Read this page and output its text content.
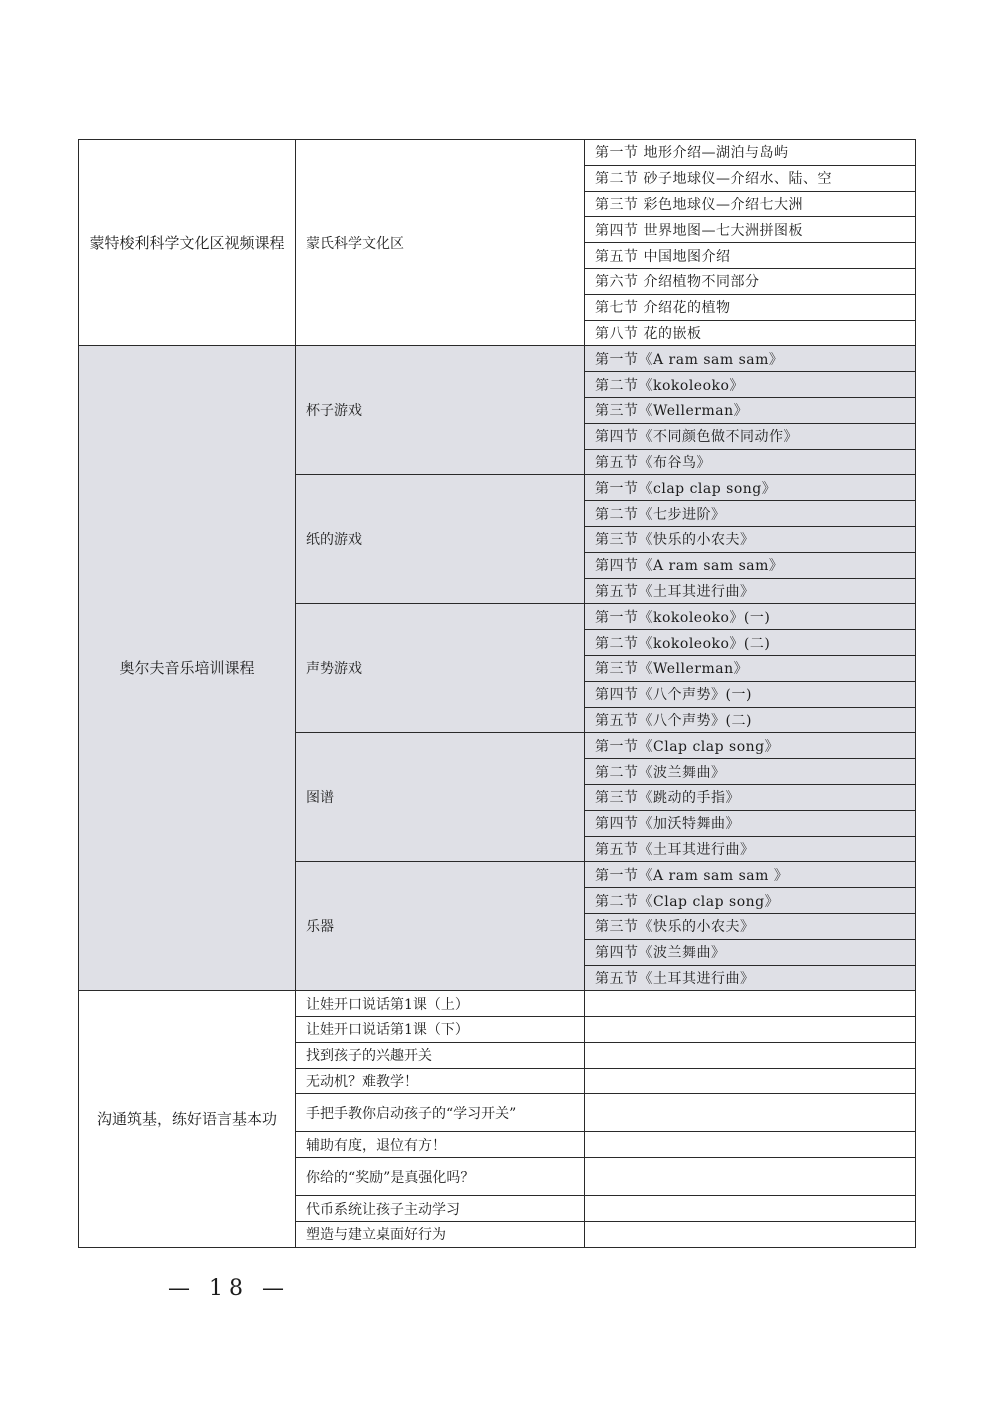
蒙特梭利科学文化区视频课程	蒙氏科学文化区	第一节 地形介绍—湖泊与岛屿
		第二节 砂子地球仪—介绍水、陆、空
		第三节 彩色地球仪—介绍七大洲
		第四节 世界地图—七大洲拼图板
		第五节 中国地图介绍
		第六节 介绍植物不同部分
		第七节 介绍花的植物
		第八节 花的嵌板
奥尔夫音乐培训课程	杯子游戏	第一节《A ram sam sam》
		第二节《kokoleoko》
		第三节《Wellerman》
		第四节《不同颜色做不同动作》
		第五节《布谷鸟》
	纸的游戏	第一节《clap clap song》
		第二节《七步进阶》
		第三节《快乐的小农夫》
		第四节《A ram sam sam》
		第五节《土耳其进行曲》
	声势游戏	第一节《kokoleoko》(一)
		第二节《kokoleoko》(二)
		第三节《Wellerman》
		第四节《八个声势》(一)
		第五节《八个声势》(二)
	图谱	第一节《Clap clap song》
		第二节《波兰舞曲》
		第三节《跳动的手指》
		第四节《加沃特舞曲》
		第五节《土耳其进行曲》
	乐器	第一节《A ram sam sam 》
		第二节《Clap clap song》
		第三节《快乐的小农夫》
		第四节《波兰舞曲》
		第五节《土耳其进行曲》
沟通筑基，练好语言基本功	让娃开口说话第1课（上）	
	让娃开口说话第1课（下）	
	找到孩子的兴趣开关	
	无动机？难教学！	
	手把手教你启动孩子的“学习开关”	
	辅助有度，退位有方！	
	你给的“奖励”是真强化吗？	
	代币系统让孩子主动学习	
	塑造与建立桌面好行为	
— 18 —
